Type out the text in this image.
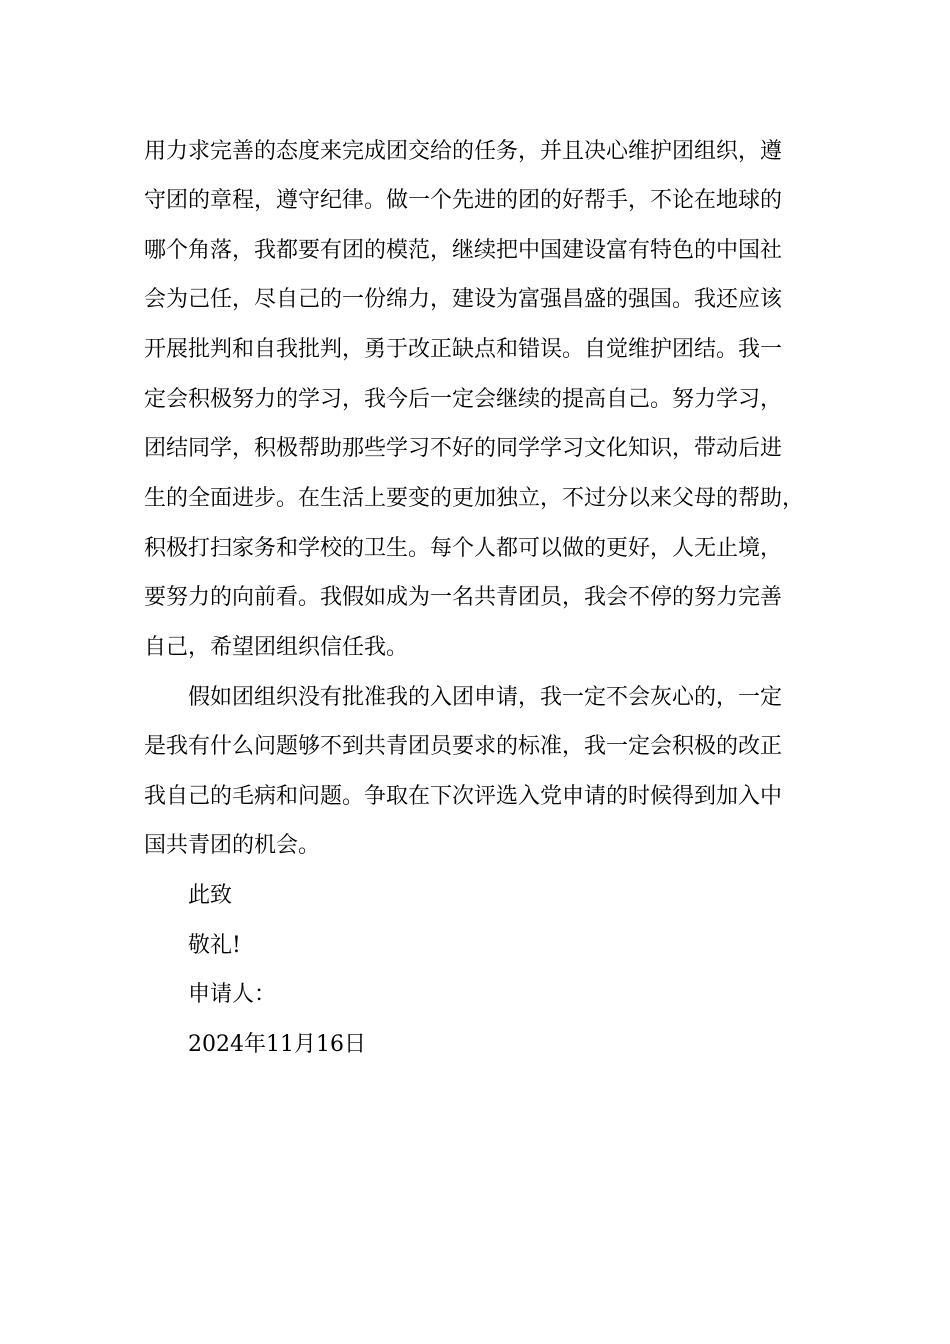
用力求完善的态度来完成团交给的任务，并且决心维护团组织，遵
守团的章程，遵守纪律。做一个先进的团的好帮手，不论在地球的
哪个角落，我都要有团的模范，继续把中国建设富有特色的中国社
会为己任，尽自己的一份绵力，建设为富强昌盛的强国。我还应该
开展批判和自我批判，勇于改正缺点和错误。自觉维护团结。我一
定会积极努力的学习，我今后一定会继续的提高自己。努力学习，
团结同学，积极帮助那些学习不好的同学学习文化知识，带动后进
生的全面进步。在生活上要变的更加独立，不过分以来父母的帮助，
积极打扫家务和学校的卫生。每个人都可以做的更好，人无止境，
要努力的向前看。我假如成为一名共青团员，我会不停的努力完善
自己，希望团组织信任我。
假如团组织没有批准我的入团申请，我一定不会灰心的，一定
是我有什么问题够不到共青团员要求的标准，我一定会积极的改正
我自己的毛病和问题。争取在下次评选入党申请的时候得到加入中
国共青团的机会。
此致
敬礼!
申请人：
2024年11月16日
